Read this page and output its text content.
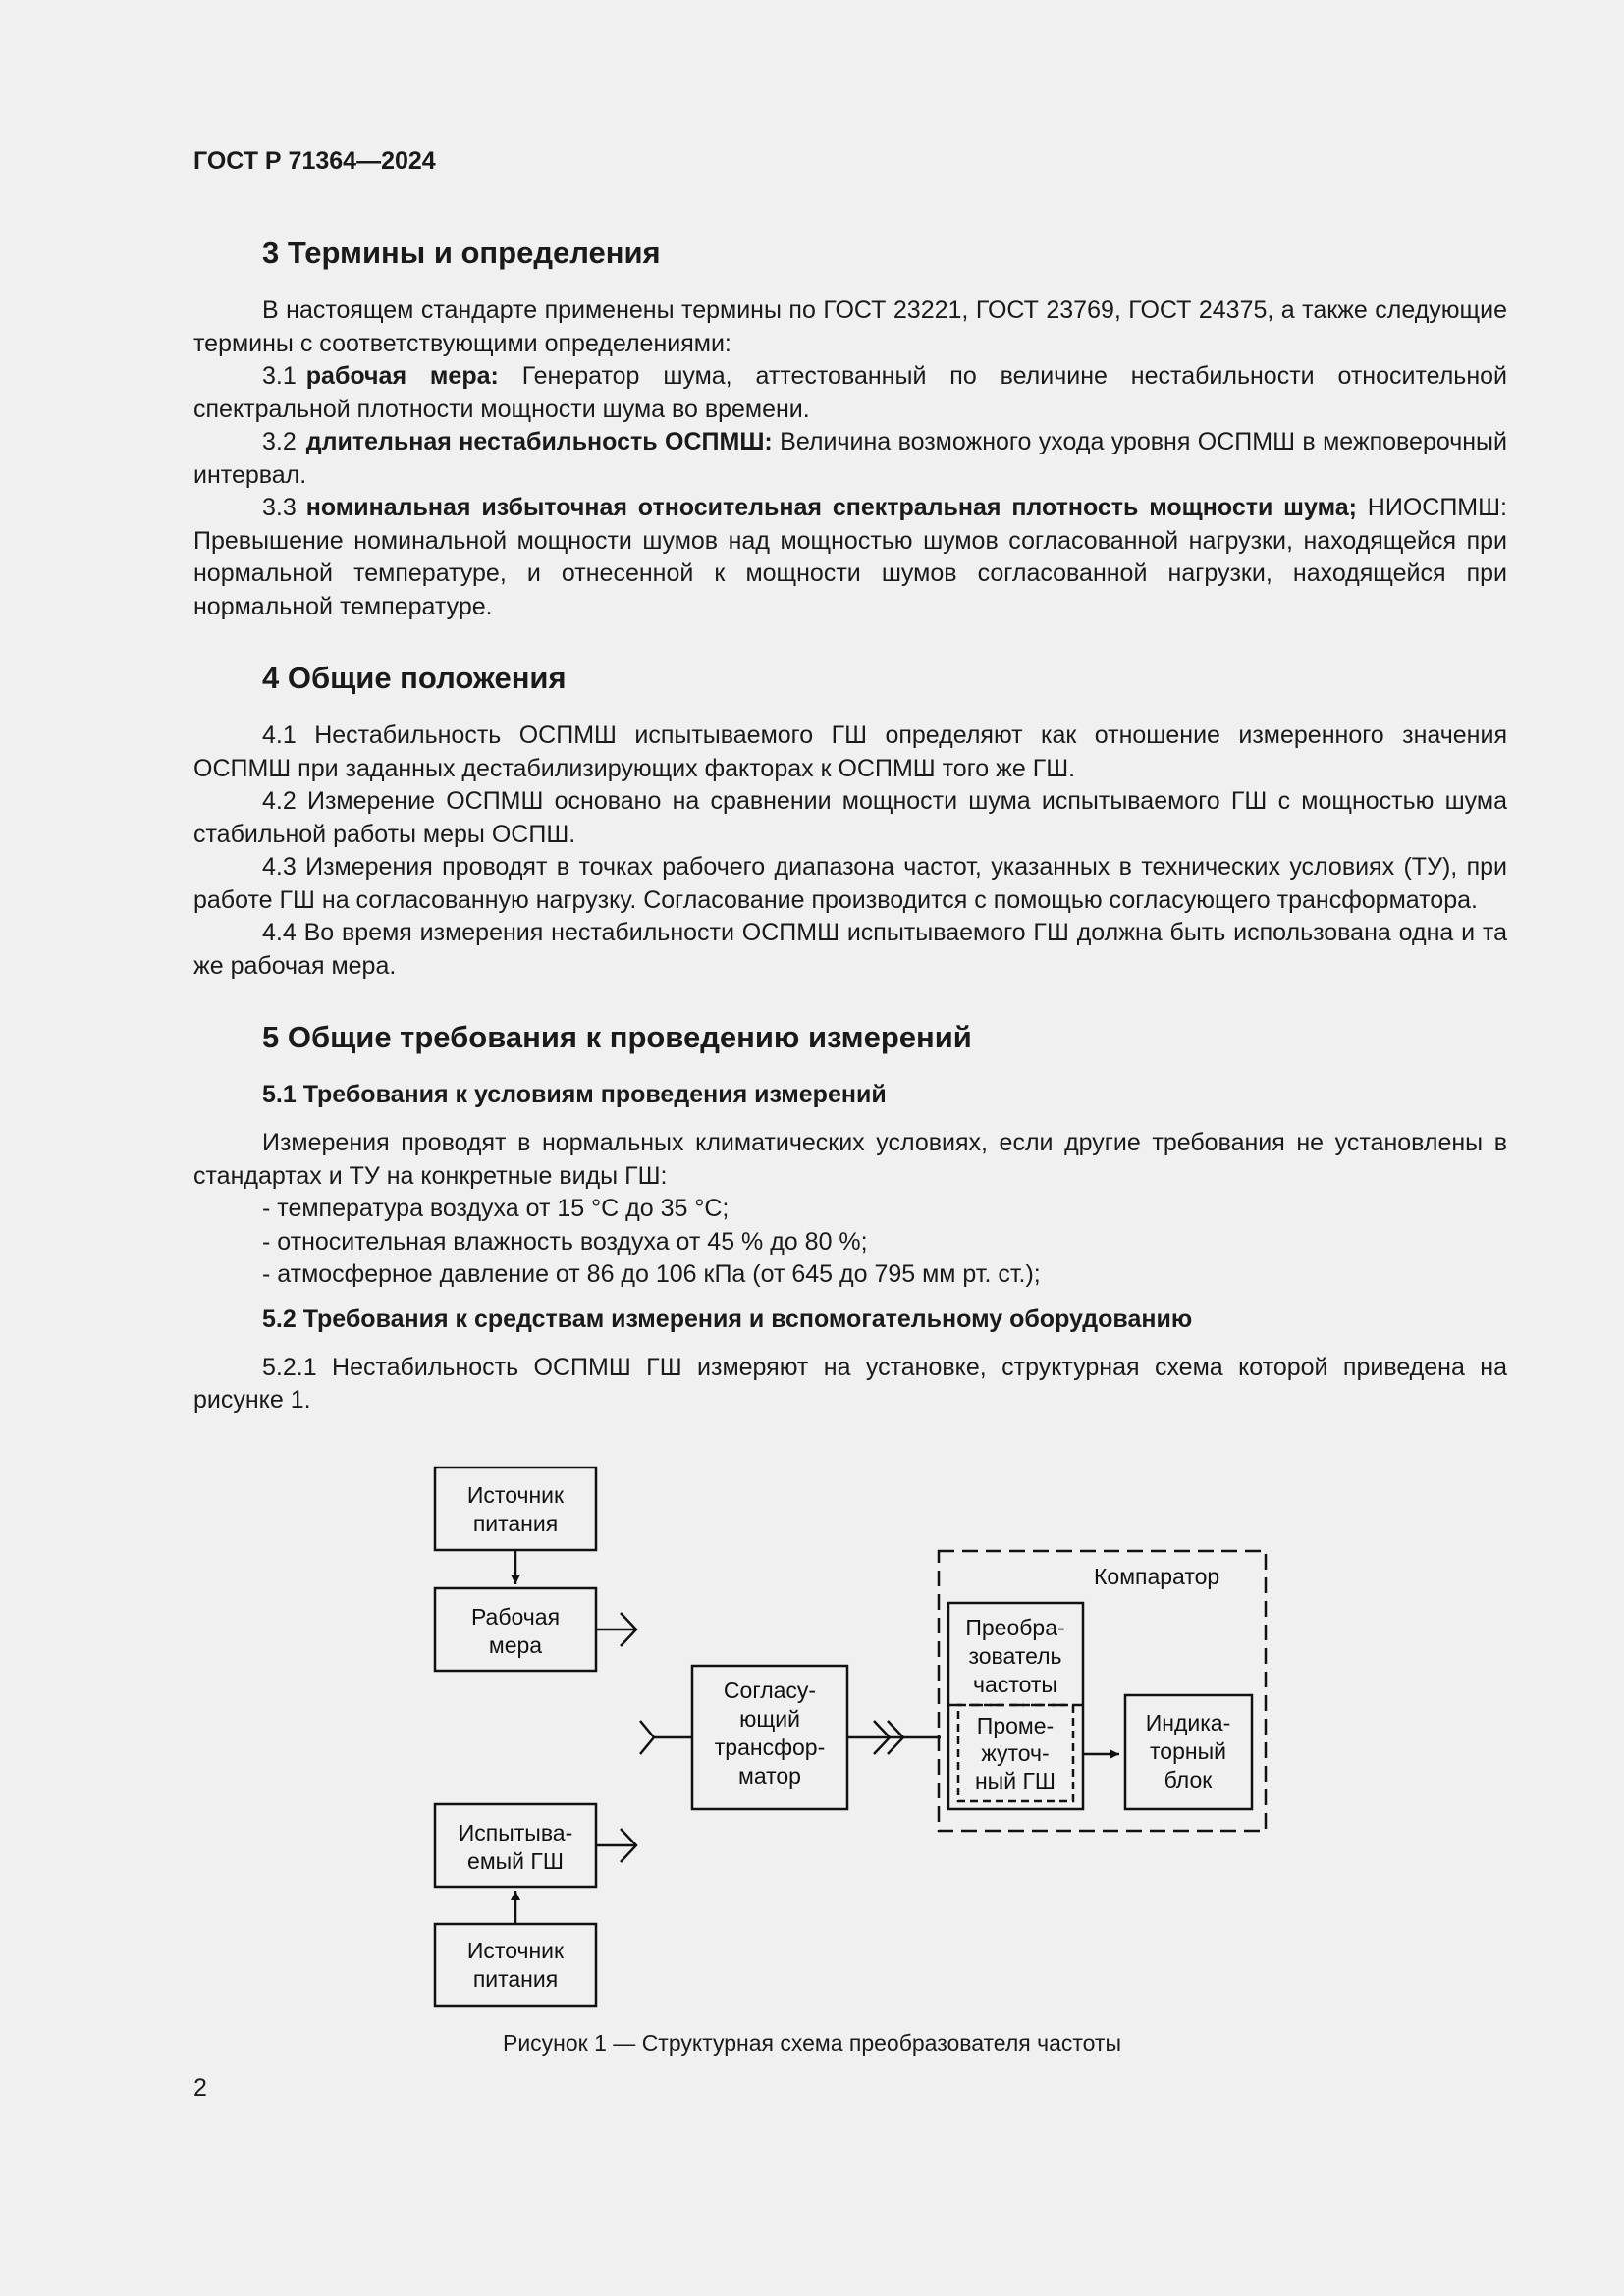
ГОСТ Р 71364—2024
3 Термины и определения

В настоящем стандарте применены термины по ГОСТ 23221, ГОСТ 23769, ГОСТ 24375, а также следующие термины с соответствующими определениями:

3.1 рабочая мера: Генератор шума, аттестованный по величине нестабильности относительной спектральной плотности мощности шума во времени.

3.2 длительная нестабильность ОСПМШ: Величина возможного ухода уровня ОСПМШ в межповерочный интервал.

3.3 номинальная избыточная относительная спектральная плотность мощности шума; НИОСПМШ: Превышение номинальной мощности шумов над мощностью шумов согласованной нагрузки, находящейся при нормальной температуре, и отнесенной к мощности шумов согласованной нагрузки, находящейся при нормальной температуре.

4 Общие положения

4.1 Нестабильность ОСПМШ испытываемого ГШ определяют как отношение измеренного значения ОСПМШ при заданных дестабилизирующих факторах к ОСПМШ того же ГШ.

4.2 Измерение ОСПМШ основано на сравнении мощности шума испытываемого ГШ с мощностью шума стабильной работы меры ОСПШ.

4.3 Измерения проводят в точках рабочего диапазона частот, указанных в технических условиях (ТУ), при работе ГШ на согласованную нагрузку. Согласование производится с помощью согласующего трансформатора.

4.4 Во время измерения нестабильности ОСПМШ испытываемого ГШ должна быть использована одна и та же рабочая мера.

5 Общие требования к проведению измерений
5.1 Требования к условиям проведения измерений

Измерения проводят в нормальных климатических условиях, если другие требования не установлены в стандартах и ТУ на конкретные виды ГШ:

- температура воздуха от 15 °С до 35 °С;

- относительная влажность воздуха от 45 % до 80 %;

- атмосферное давление от 86 до 106 кПа (от 645 до 795 мм рт. ст.);

5.2 Требования к средствам измерения и вспомогательному оборудованию

5.2.1 Нестабильность ОСПМШ ГШ измеряют на установке, структурная схема которой приведена на рисунке 1.

Источник
питания
Рабочая
мера
Испытыва-
емый ГШ
Источник
питания
Согласу-
ющий
трансфор-
матор
Компаратор
Преобра-
зователь
частоты
Проме-
жуточ-
ный ГШ
Индика-
торный
блок
Рисунок 1 — Структурная схема преобразователя частоты
2
